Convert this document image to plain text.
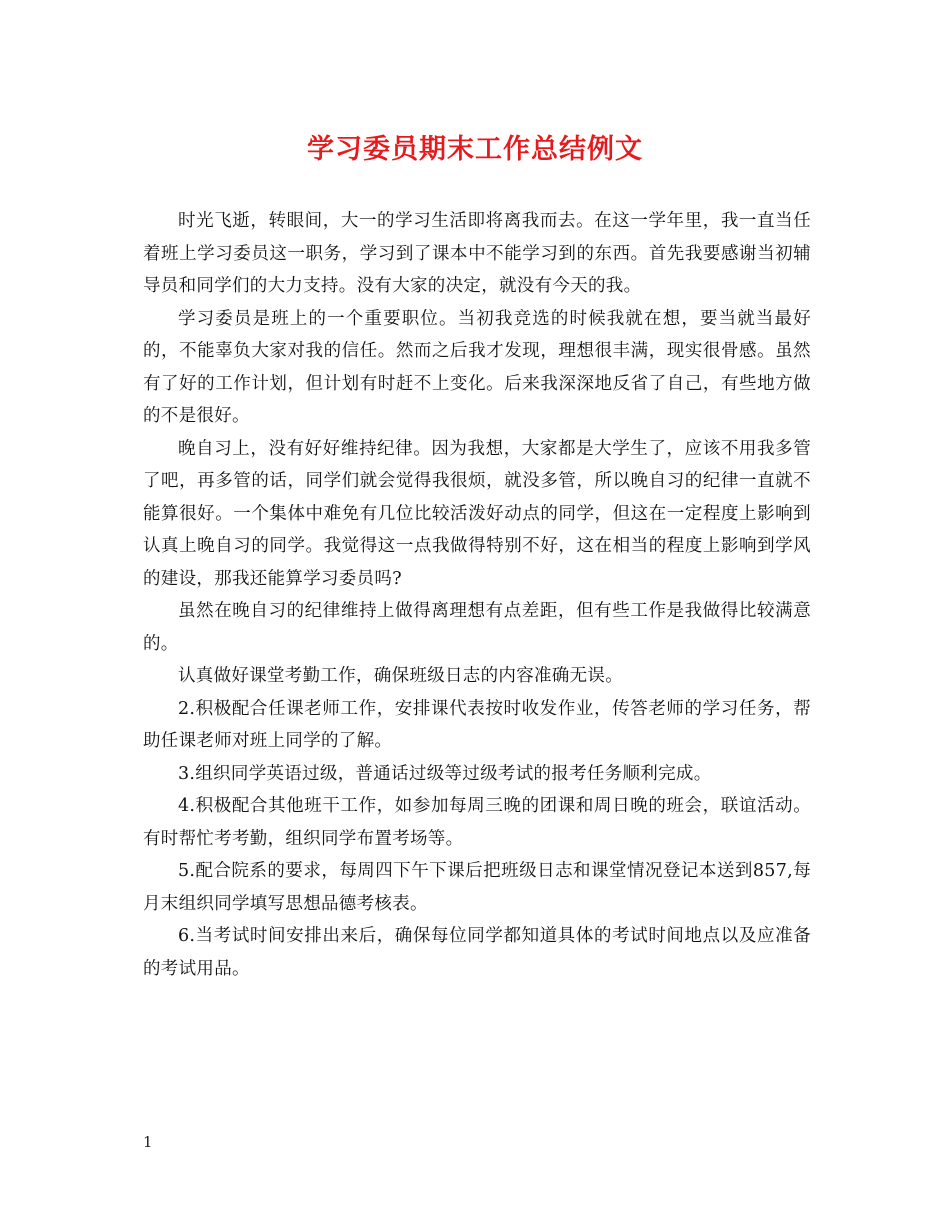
学习委员期末工作总结例文

时光飞逝，转眼间，大一的学习生活即将离我而去。在这一学年里，我一直当任着班上学习委员这一职务，学习到了课本中不能学习到的东西。首先我要感谢当初辅导员和同学们的大力支持。没有大家的决定，就没有今天的我。

学习委员是班上的一个重要职位。当初我竞选的时候我就在想，要当就当最好的，不能辜负大家对我的信任。然而之后我才发现，理想很丰满，现实很骨感。虽然有了好的工作计划，但计划有时赶不上变化。后来我深深地反省了自己，有些地方做的不是很好。

晚自习上，没有好好维持纪律。因为我想，大家都是大学生了，应该不用我多管了吧，再多管的话，同学们就会觉得我很烦，就没多管，所以晚自习的纪律一直就不能算很好。一个集体中难免有几位比较活泼好动点的同学，但这在一定程度上影响到认真上晚自习的同学。我觉得这一点我做得特别不好，这在相当的程度上影响到学风的建设，那我还能算学习委员吗?

虽然在晚自习的纪律维持上做得离理想有点差距，但有些工作是我做得比较满意的。

认真做好课堂考勤工作，确保班级日志的内容准确无误。

2.积极配合任课老师工作，安排课代表按时收发作业，传答老师的学习任务，帮助任课老师对班上同学的了解。

3.组织同学英语过级，普通话过级等过级考试的报考任务顺利完成。

4.积极配合其他班干工作，如参加每周三晚的团课和周日晚的班会，联谊活动。有时帮忙考考勤，组织同学布置考场等。

5.配合院系的要求，每周四下午下课后把班级日志和课堂情况登记本送到857,每月末组织同学填写思想品德考核表。

6.当考试时间安排出来后，确保每位同学都知道具体的考试时间地点以及应准备的考试用品。

1
